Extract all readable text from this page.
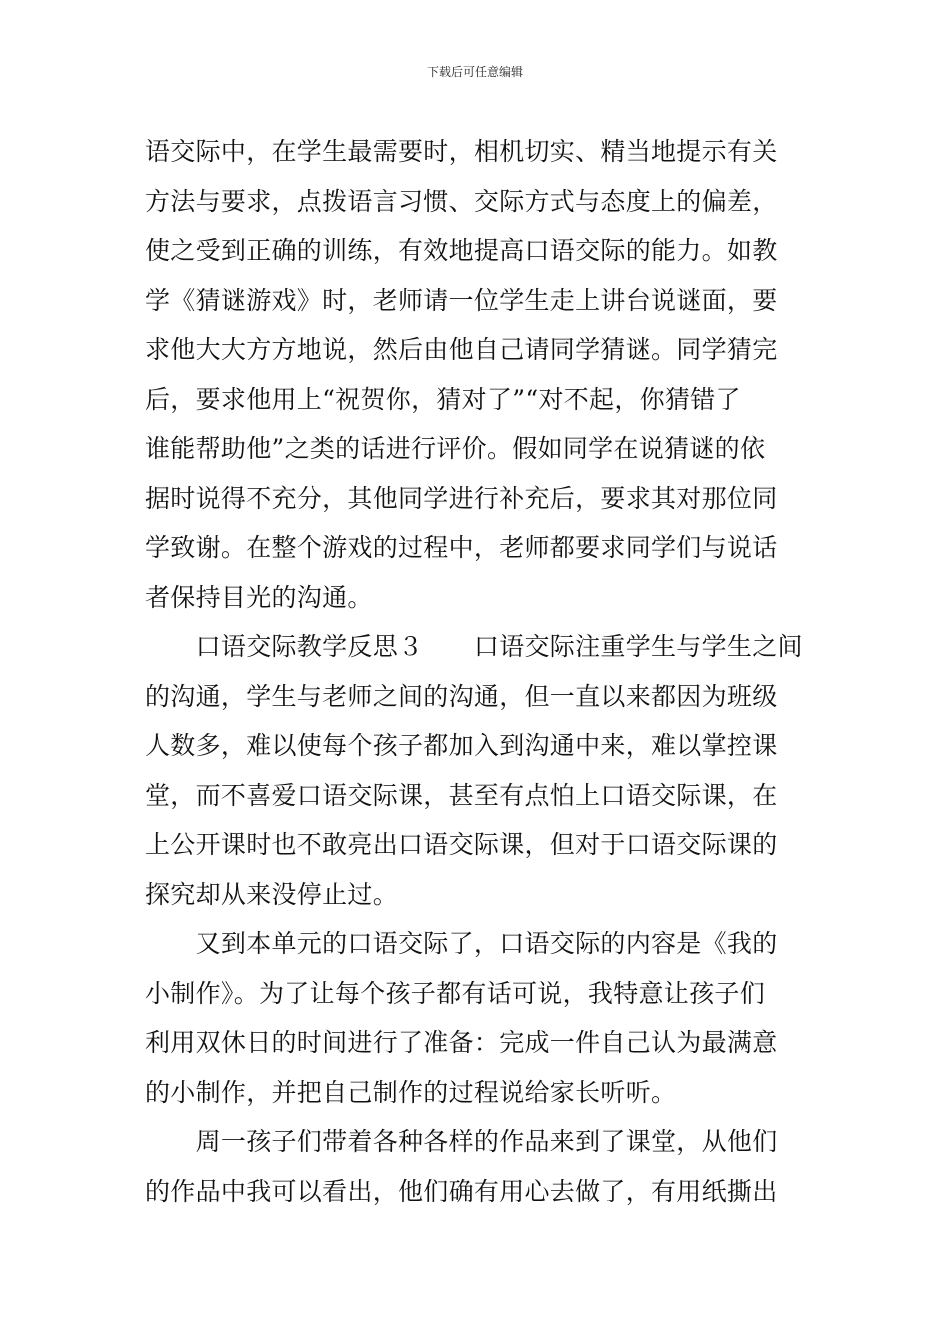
下载后可任意编辑
语交际中，在学生最需要时，相机切实、精当地提示有关
方法与要求，点拨语言习惯、交际方式与态度上的偏差，
使之受到正确的训练，有效地提高口语交际的能力。如教
学《猜谜游戏》时，老师请一位学生走上讲台说谜面，要
求他大大方方地说，然后由他自己请同学猜谜。同学猜完
后，要求他用上“祝贺你，猜对了”“对不起，你猜错了
谁能帮助他”之类的话进行评价。假如同学在说猜谜的依
据时说得不充分，其他同学进行补充后，要求其对那位同
学致谢。在整个游戏的过程中，老师都要求同学们与说话
者保持目光的沟通。
　　口语交际教学反思３　　口语交际注重学生与学生之间
的沟通，学生与老师之间的沟通，但一直以来都因为班级
人数多，难以使每个孩子都加入到沟通中来，难以掌控课
堂，而不喜爱口语交际课，甚至有点怕上口语交际课，在
上公开课时也不敢亮出口语交际课，但对于口语交际课的
探究却从来没停止过。
　　又到本单元的口语交际了，口语交际的内容是《我的
小制作》。为了让每个孩子都有话可说，我特意让孩子们
利用双休日的时间进行了准备：完成一件自己认为最满意
的小制作，并把自己制作的过程说给家长听听。
　　周一孩子们带着各种各样的作品来到了课堂，从他们
的作品中我可以看出，他们确有用心去做了，有用纸撕出
